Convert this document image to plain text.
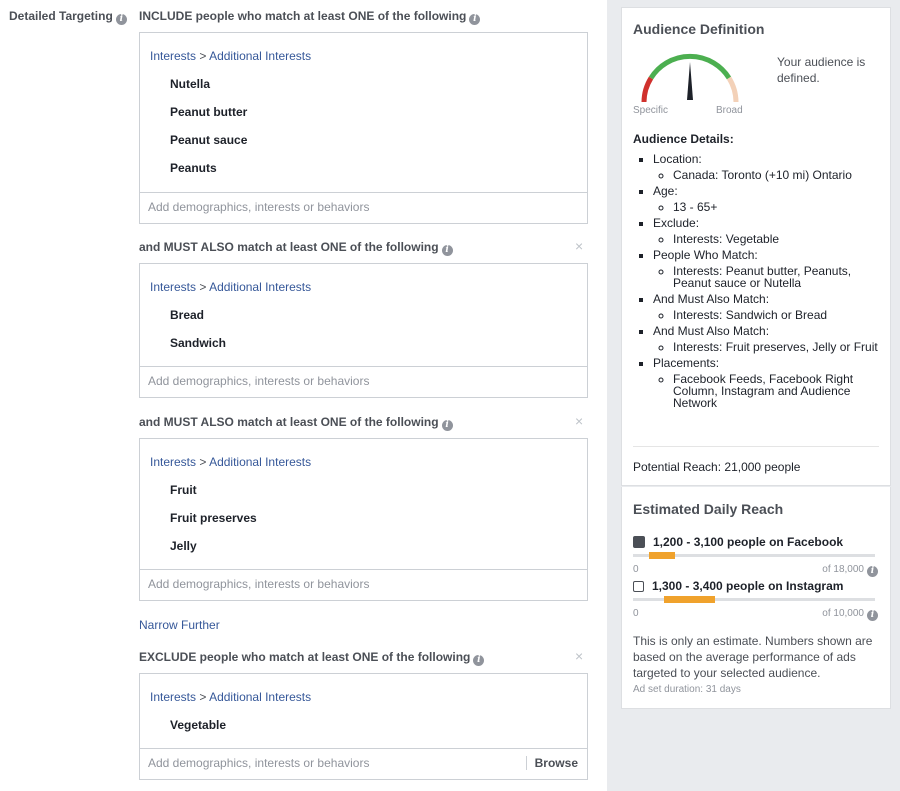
Detailed Targeting i	INCLUDE people who match at least ONE of the following i
Interests > Additional Interests
Nutella
Peanut butter
Peanut sauce
Peanuts
Add demographics, interests or behaviors
and MUST ALSO match at least ONE of the following i	×
Interests > Additional Interests
Bread
Sandwich
Add demographics, interests or behaviors
and MUST ALSO match at least ONE of the following i	×
Interests > Additional Interests
Fruit
Fruit preserves
Jelly
Add demographics, interests or behaviors
Narrow Further
EXCLUDE people who match at least ONE of the following i	×
Interests > Additional Interests
Vegetable
Add demographics, interests or behaviors
Browse
Audience Definition
Specific	Broad
Your audience is defined.
Audience Details:
▪ Location:
◦ Canada: Toronto (+10 mi) Ontario
▪ Age:
◦ 13 - 65+
▪ Exclude:
◦ Interests: Vegetable
▪ People Who Match:
◦ Interests: Peanut butter, Peanuts, Peanut sauce or Nutella
▪ And Must Also Match:
◦ Interests: Sandwich or Bread
▪ And Must Also Match:
◦ Interests: Fruit preserves, Jelly or Fruit
▪ Placements:
◦ Facebook Feeds, Facebook Right Column, Instagram and Audience Network
Potential Reach: 21,000 people
Estimated Daily Reach
1,200 - 3,100 people on Facebook
0	of 18,000 i
1,300 - 3,400 people on Instagram
0	of 10,000 i
This is only an estimate. Numbers shown are based on the average performance of ads targeted to your selected audience.
Ad set duration: 31 days
